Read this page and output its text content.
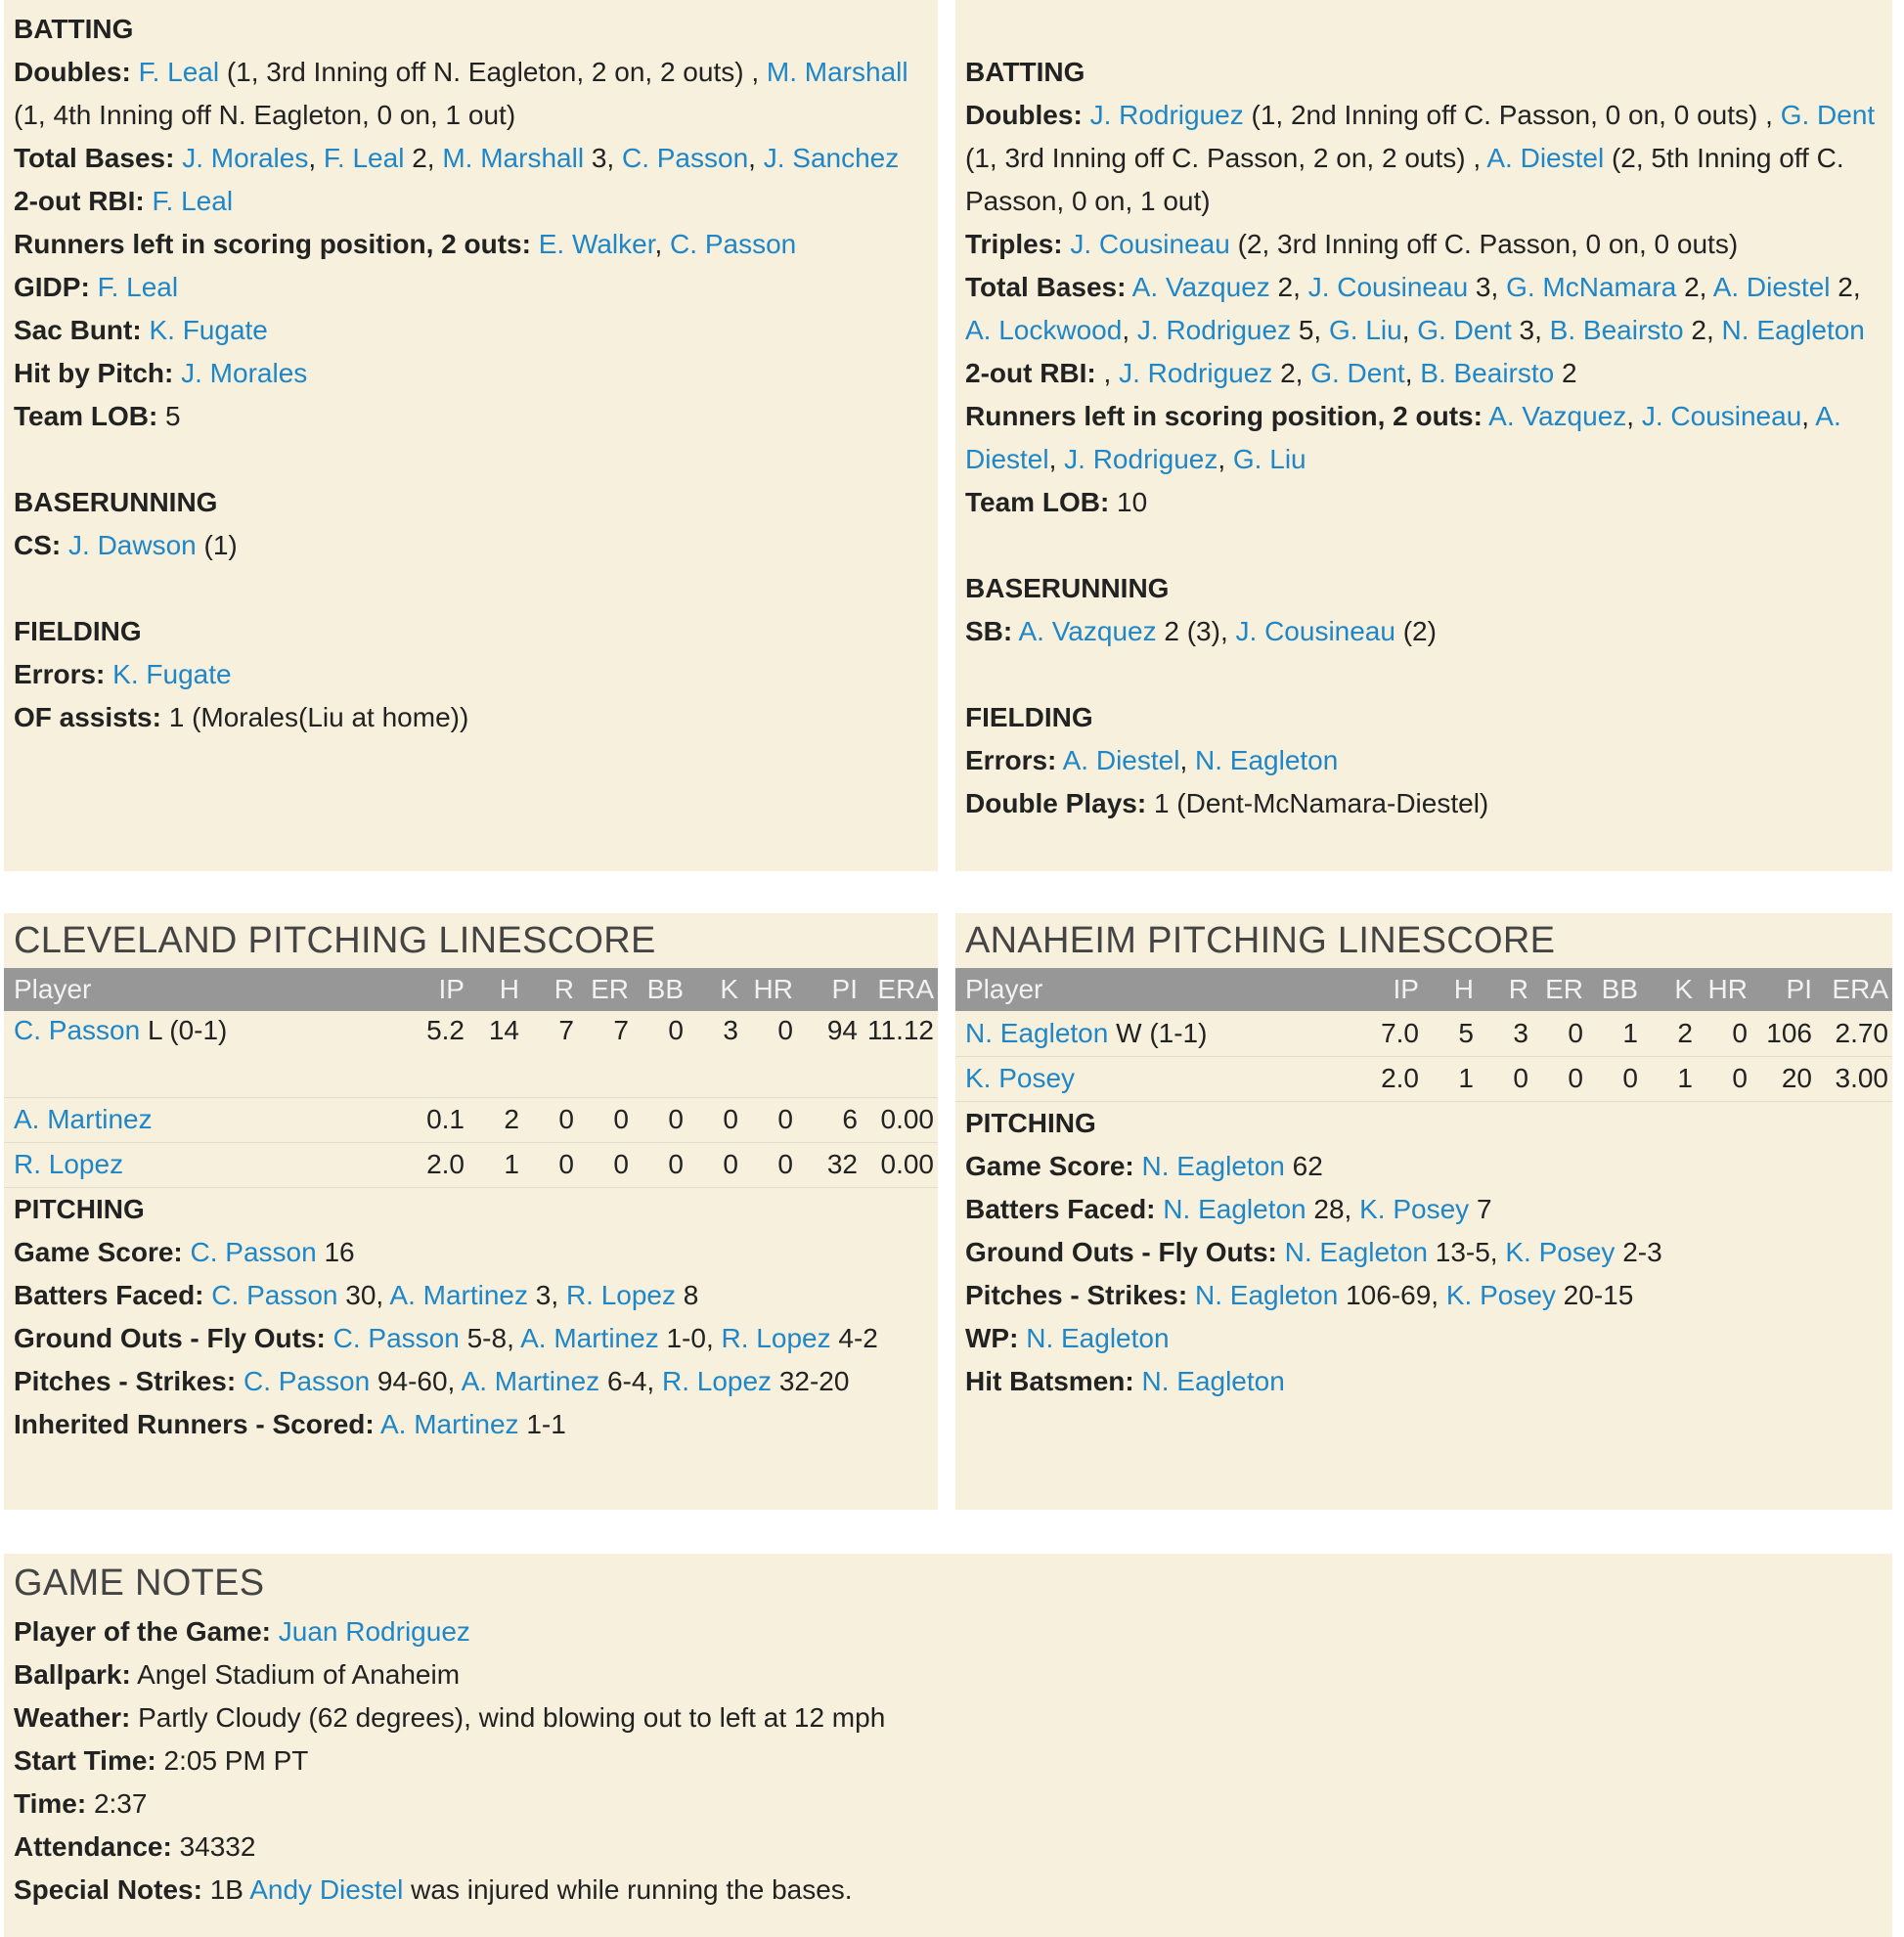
BATTING
Doubles: F. Leal (1, 3rd Inning off N. Eagleton, 2 on, 2 outs) , M. Marshall (1, 4th Inning off N. Eagleton, 0 on, 1 out)
Total Bases: J. Morales, F. Leal 2, M. Marshall 3, C. Passon, J. Sanchez
2-out RBI: F. Leal
Runners left in scoring position, 2 outs: E. Walker, C. Passon
GIDP: F. Leal
Sac Bunt: K. Fugate
Hit by Pitch: J. Morales
Team LOB: 5
BASERUNNING
CS: J. Dawson (1)
FIELDING
Errors: K. Fugate
OF assists: 1 (Morales(Liu at home))
BATTING
Doubles: J. Rodriguez (1, 2nd Inning off C. Passon, 0 on, 0 outs) , G. Dent (1, 3rd Inning off C. Passon, 2 on, 2 outs) , A. Diestel (2, 5th Inning off C. Passon, 0 on, 1 out)
Triples: J. Cousineau (2, 3rd Inning off C. Passon, 0 on, 0 outs)
Total Bases: A. Vazquez 2, J. Cousineau 3, G. McNamara 2, A. Diestel 2, A. Lockwood, J. Rodriguez 5, G. Liu, G. Dent 3, B. Beairsto 2, N. Eagleton
2-out RBI: , J. Rodriguez 2, G. Dent, B. Beairsto 2
Runners left in scoring position, 2 outs: A. Vazquez, J. Cousineau, A. Diestel, J. Rodriguez, G. Liu
Team LOB: 10
BASERUNNING
SB: A. Vazquez 2 (3), J. Cousineau (2)
FIELDING
Errors: A. Diestel, N. Eagleton
Double Plays: 1 (Dent-McNamara-Diestel)
CLEVELAND PITCHING LINESCORE
Player	IP	H	R	ER	BB	K	HR	PI	ERA
C. Passon L (0-1)	5.2	14	7	7	0	3	0	94	11.12
A. Martinez	0.1	2	0	0	0	0	0	6	0.00
R. Lopez	2.0	1	0	0	0	0	0	32	0.00
PITCHING
Game Score: C. Passon 16
Batters Faced: C. Passon 30, A. Martinez 3, R. Lopez 8
Ground Outs - Fly Outs: C. Passon 5-8, A. Martinez 1-0, R. Lopez 4-2
Pitches - Strikes: C. Passon 94-60, A. Martinez 6-4, R. Lopez 32-20
Inherited Runners - Scored: A. Martinez 1-1
ANAHEIM PITCHING LINESCORE
Player	IP	H	R	ER	BB	K	HR	PI	ERA
N. Eagleton W (1-1)	7.0	5	3	0	1	2	0	106	2.70
K. Posey	2.0	1	0	0	0	1	0	20	3.00
PITCHING
Game Score: N. Eagleton 62
Batters Faced: N. Eagleton 28, K. Posey 7
Ground Outs - Fly Outs: N. Eagleton 13-5, K. Posey 2-3
Pitches - Strikes: N. Eagleton 106-69, K. Posey 20-15
WP: N. Eagleton
Hit Batsmen: N. Eagleton
GAME NOTES
Player of the Game: Juan Rodriguez
Ballpark: Angel Stadium of Anaheim
Weather: Partly Cloudy (62 degrees), wind blowing out to left at 12 mph
Start Time: 2:05 PM PT
Time: 2:37
Attendance: 34332
Special Notes: 1B Andy Diestel was injured while running the bases.
